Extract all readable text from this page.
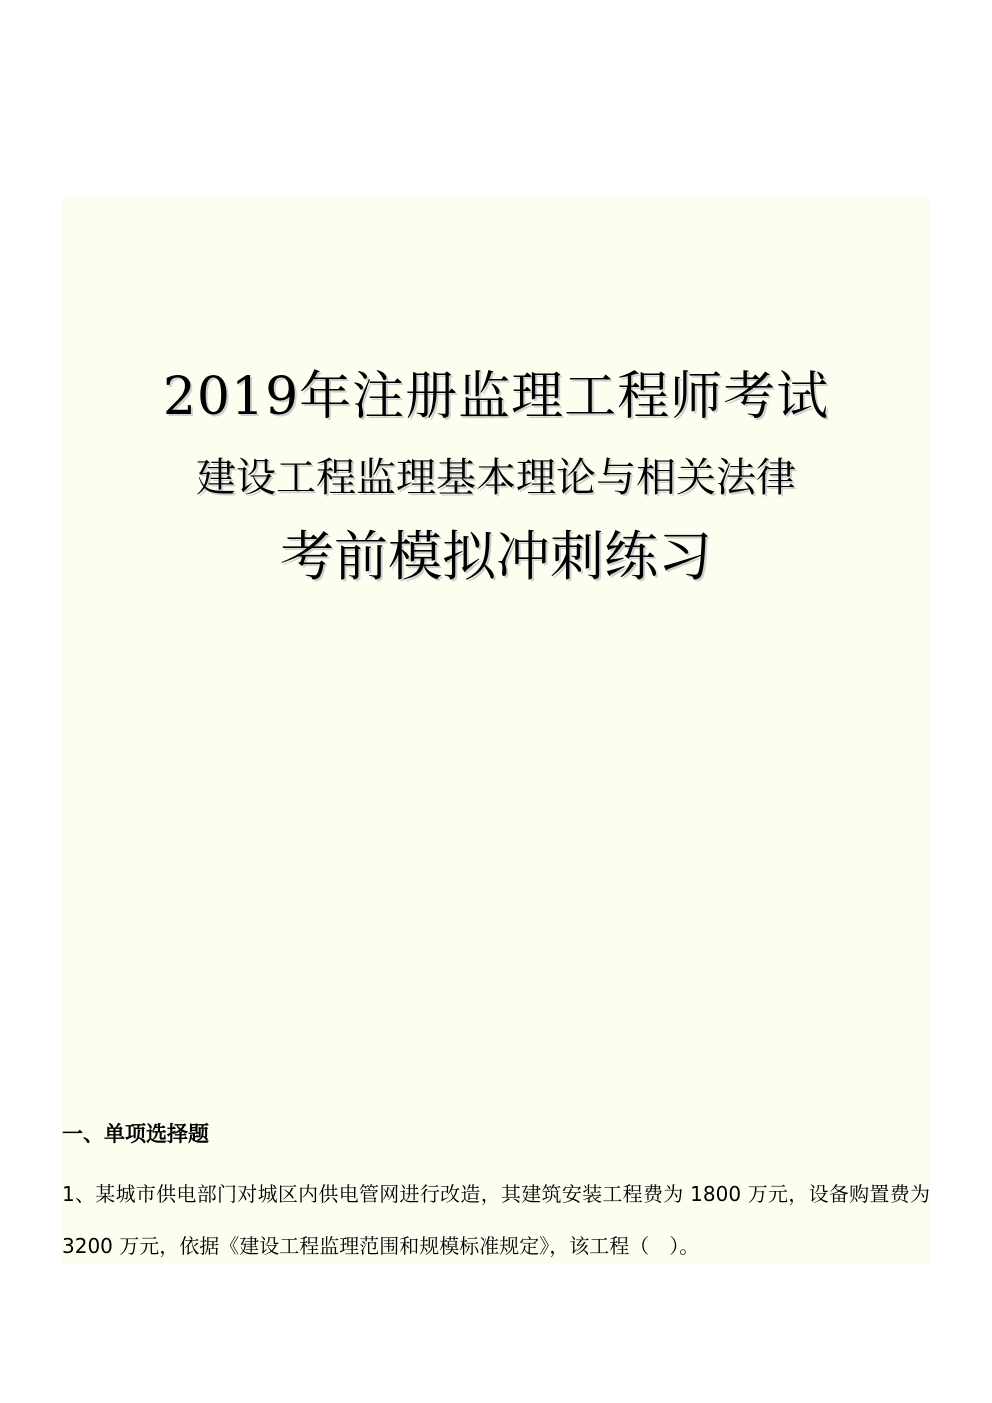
2019年注册监理工程师考试
建设工程监理基本理论与相关法律
考前模拟冲刺练习
一、单项选择题
1、某城市供电部门对城区内供电管网进行改造，其建筑安装工程费为 1800 万元，设备购置费为 3200 万元，依据《建设工程监理范围和规模标准规定》，该工程（　）。
